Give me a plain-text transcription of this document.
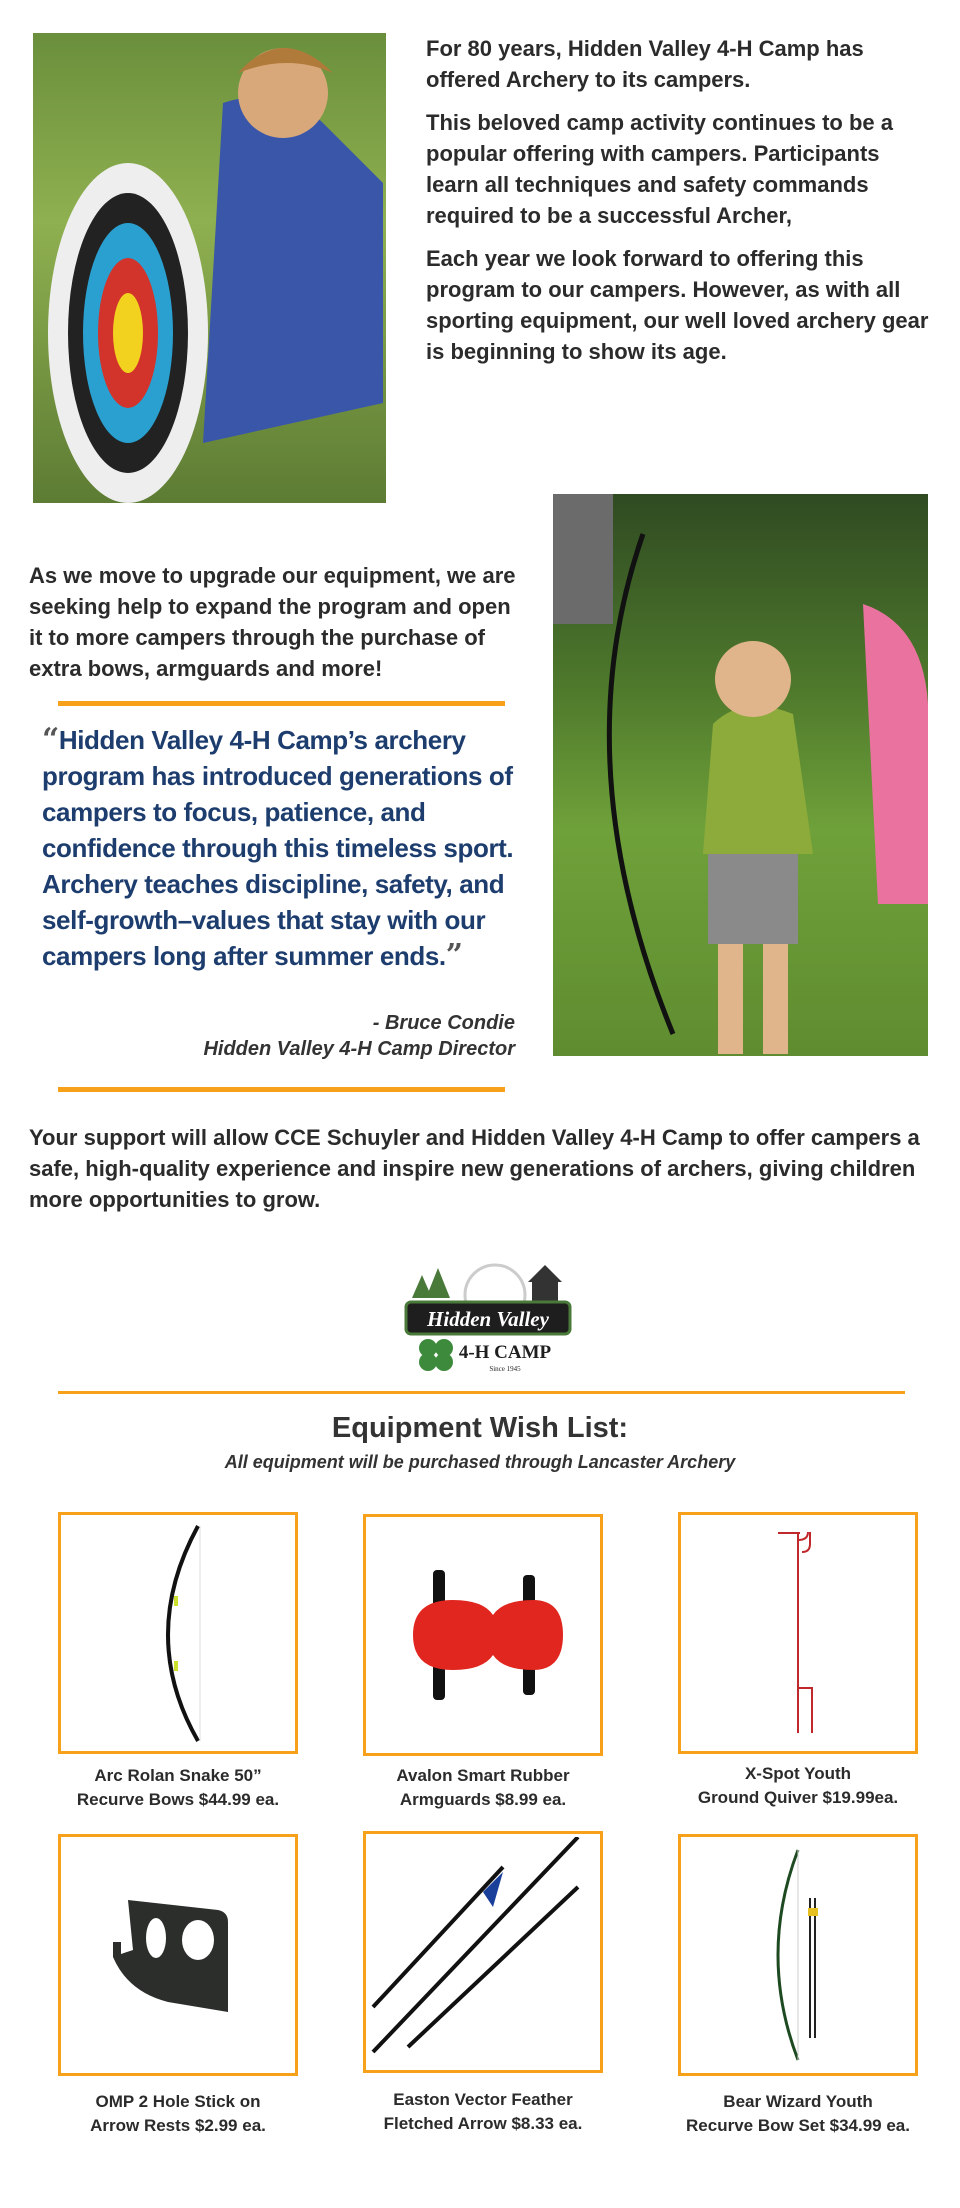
For 80 years, Hidden Valley 4-H Camp has offered Archery to its campers.

This beloved camp activity continues to be a popular offering with campers. Participants learn all techniques and safety commands required to be a successful Archer,

Each year we look forward to offering this program to our campers. However, as with all sporting equipment, our well loved archery gear is beginning to show its age.

As we move to upgrade our equipment, we are seeking help to expand the program and open it to more campers through the purchase of extra bows, armguards and more!
“Hidden Valley 4-H Camp’s archery program has introduced generations of campers to focus, patience, and confidence through this timeless sport. Archery teaches discipline, safety, and self-growth–values that stay with our campers long after summer ends.”
- Bruce Condie
Hidden Valley 4-H Camp Director
Your support will allow CCE Schuyler and Hidden Valley 4-H Camp to offer campers a safe, high-quality experience and inspire new generations of archers, giving children more opportunities to grow.
Hidden Valley
4-H CAMP
Since 1945
Equipment Wish List:
All equipment will be purchased through Lancaster Archery
Arc Rolan Snake 50”
Recurve Bows $44.99 ea.
Avalon Smart Rubber
Armguards $8.99 ea.
X-Spot Youth
Ground Quiver $19.99ea.
OMP 2 Hole Stick on
Arrow Rests $2.99 ea.
Easton Vector Feather
Fletched Arrow $8.33 ea.
Bear Wizard Youth
Recurve Bow Set $34.99 ea.
